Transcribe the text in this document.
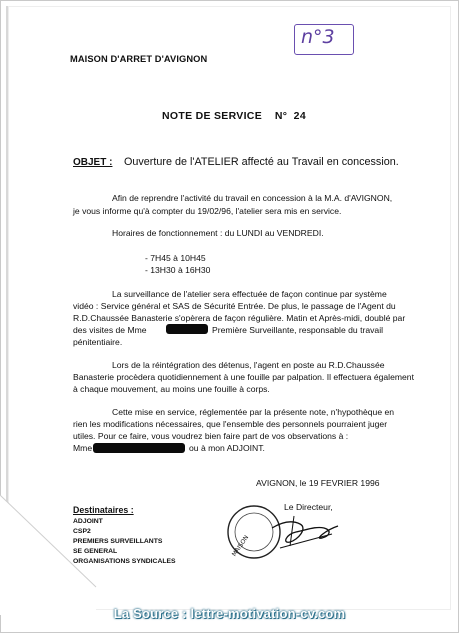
MAISON D'ARRET D'AVIGNON
n°3
NOTE DE SERVICE    N°  24
OBJET : Ouverture de l'ATELIER affecté au Travail en concession.
Afin de reprendre l'activité du travail en concession à la M.A. d'AVIGNON,
je vous informe qu'à compter du 19/02/96, l'atelier sera mis en service.
Horaires de fonctionnement : du LUNDI au VENDREDI.
- 7H45 à 10H45
- 13H30 à 16H30
La surveillance de l'atelier sera effectuée de façon continue par système
vidéo : Service général et SAS de Sécurité Entrée. De plus, le passage de l'Agent du
R.D.Chaussée Banasterie s'opèrera de façon régulière. Matin et Après-midi, doublé par
des visites de Mme	Première Surveillante, responsable du travail
pénitentiaire.
Lors de la réintégration des détenus, l'agent en poste au R.D.Chaussée
Banasterie procèdera quotidiennement à une fouille par palpation. Il effectuera également
à chaque mouvement, au moins une fouille à corps.
Cette mise en service, réglementée par la présente note, n'hypothèque en
rien les modifications nécessaires, que l'ensemble des personnels pourraient juger
utiles. Pour ce faire, vous voudrez bien faire part de vos observations à :
Mme	ou à mon ADJOINT.
AVIGNON, le 19 FEVRIER 1996
Le Directeur,
MAISON
Destinataires :
ADJOINT
CSP2
PREMIERS SURVEILLANTS
SE GENERAL
ORGANISATIONS SYNDICALES
La Source : lettre-motivation-cv.com
